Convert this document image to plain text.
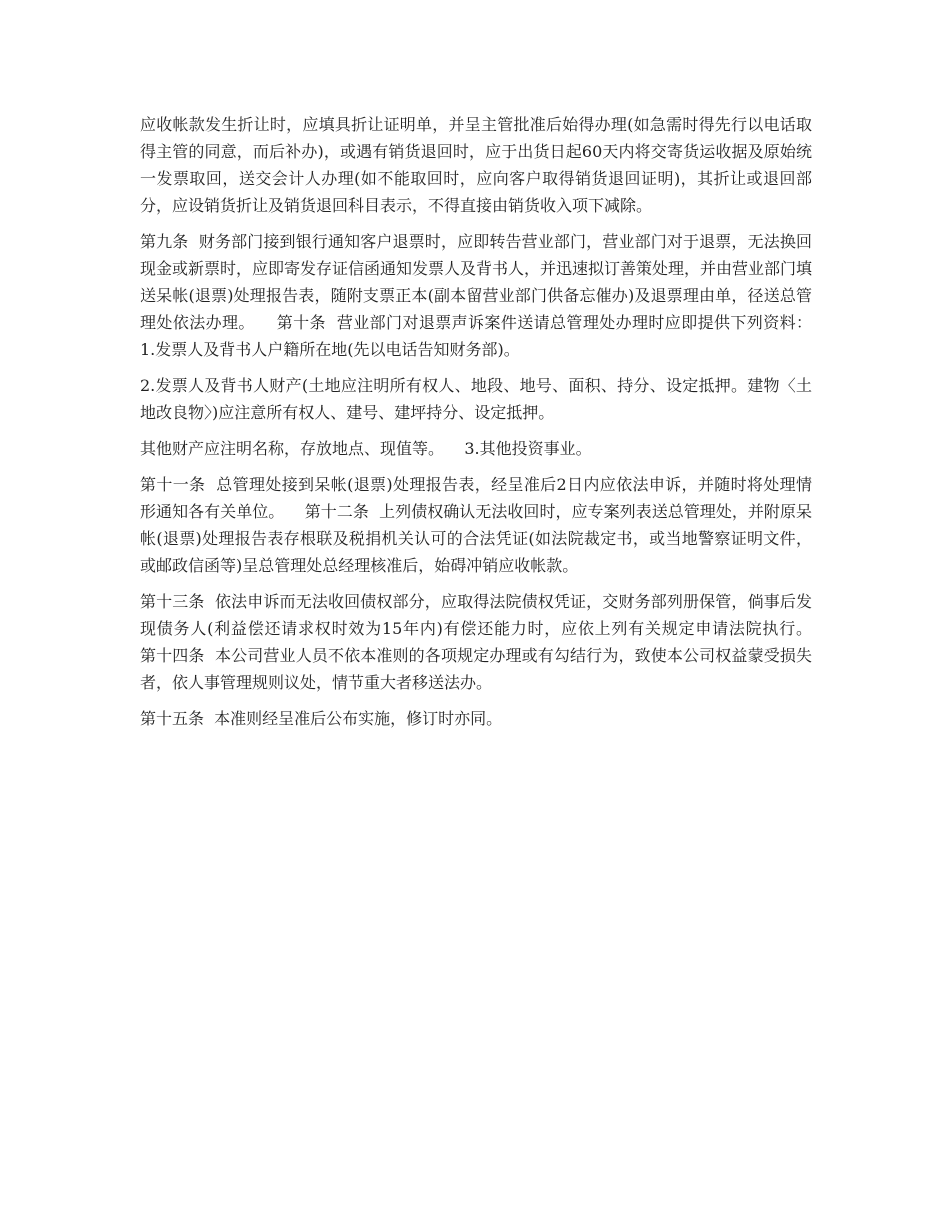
应收帐款发生折让时，应填具折让证明单，并呈主管批准后始得办理(如急需时得先行以电话取得主管的同意，而后补办)，或遇有销货退回时，应于出货日起60天内将交寄货运收据及原始统一发票取回，送交会计人办理(如不能取回时，应向客户取得销货退回证明)，其折让或退回部分，应设销货折让及销货退回科目表示，不得直接由销货收入项下减除。

第九条  财务部门接到银行通知客户退票时，应即转告营业部门，营业部门对于退票，无法换回现金或新票时，应即寄发存证信函通知发票人及背书人，并迅速拟订善策处理，并由营业部门填送呆帐(退票)处理报告表，随附支票正本(副本留营业部门供备忘催办)及退票理由单，径送总管理处依法办理。    第十条  营业部门对退票声诉案件送请总管理处办理时应即提供下列资料：    1.发票人及背书人户籍所在地(先以电话告知财务部)。

2.发票人及背书人财产(土地应注明所有权人、地段、地号、面积、持分、设定抵押。建物〈土地改良物〉)应注意所有权人、建号、建坪持分、设定抵押。

其他财产应注明名称，存放地点、现值等。    3.其他投资事业。

第十一条  总管理处接到呆帐(退票)处理报告表，经呈准后2日内应依法申诉，并随时将处理情形通知各有关单位。    第十二条  上列债权确认无法收回时，应专案列表送总管理处，并附原呆帐(退票)处理报告表存根联及税捐机关认可的合法凭证(如法院裁定书，或当地警察证明文件，或邮政信函等)呈总管理处总经理核准后，始碍冲销应收帐款。

第十三条  依法申诉而无法收回债权部分，应取得法院债权凭证，交财务部列册保管，倘事后发现债务人(利益偿还请求权时效为15年内)有偿还能力时，应依上列有关规定申请法院执行。    第十四条  本公司营业人员不依本准则的各项规定办理或有勾结行为，致使本公司权益蒙受损失者，依人事管理规则议处，情节重大者移送法办。

第十五条  本准则经呈准后公布实施，修订时亦同。
